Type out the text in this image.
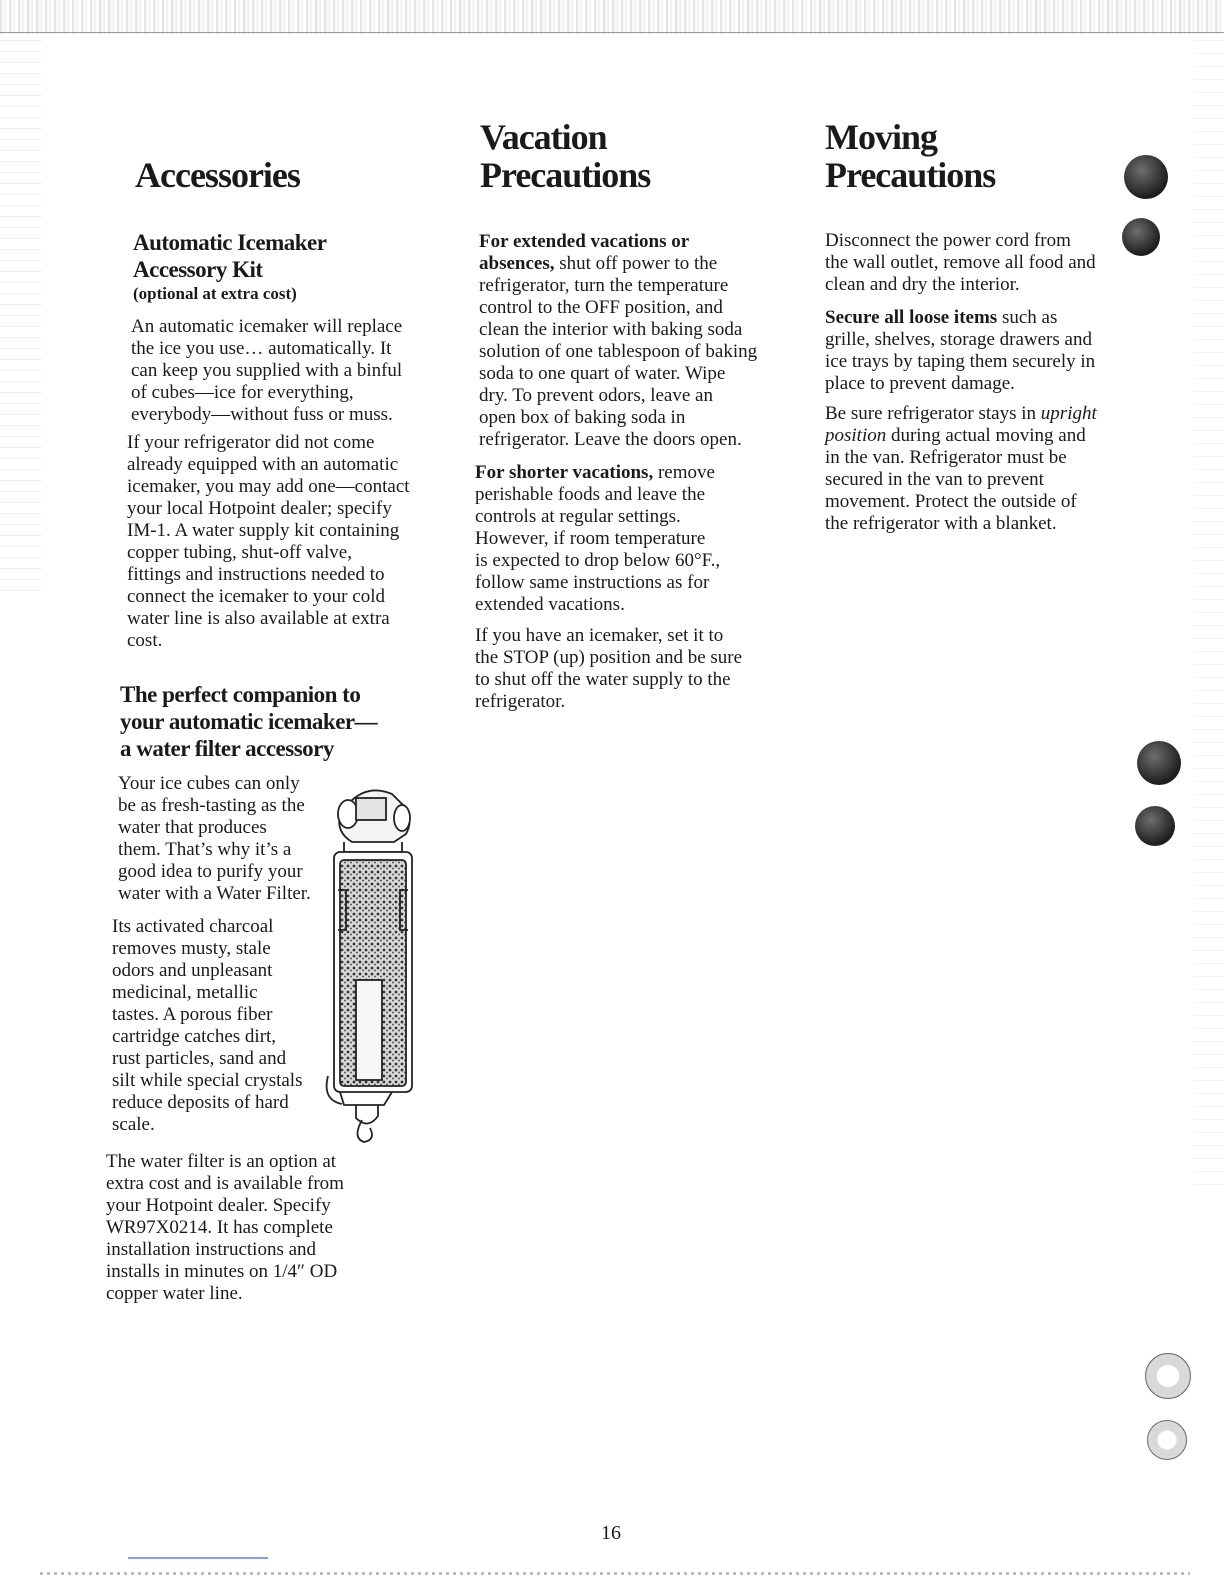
Accessories
Automatic Icemaker
Accessory Kit
(optional at extra cost)

An automatic icemaker will replace
the ice you use… automatically. It
can keep you supplied with a binful
of cubes—ice for everything,
everybody—without fuss or muss.

If your refrigerator did not come
already equipped with an automatic
icemaker, you may add one—contact
your local Hotpoint dealer; specify
IM-1. A water supply kit containing
copper tubing, shut-off valve,
fittings and instructions needed to
connect the icemaker to your cold
water line is also available at extra
cost.

The perfect companion to
your automatic icemaker—
a water filter accessory

Your ice cubes can only
be as fresh-tasting as the
water that produces
them. That’s why it’s a
good idea to purify your
water with a Water Filter.

Its activated charcoal
removes musty, stale
odors and unpleasant
medicinal, metallic
tastes. A porous fiber
cartridge catches dirt,
rust particles, sand and
silt while special crystals
reduce deposits of hard
scale.

The water filter is an option at
extra cost and is available from
your Hotpoint dealer. Specify
WR97X0214. It has complete
installation instructions and
installs in minutes on 1/4″ OD
copper water line.

Vacation
Precautions

For extended vacations or
absences, shut off power to the
refrigerator, turn the temperature
control to the OFF position, and
clean the interior with baking soda
solution of one tablespoon of baking
soda to one quart of water. Wipe
dry. To prevent odors, leave an
open box of baking soda in
refrigerator. Leave the doors open.

For shorter vacations, remove
perishable foods and leave the
controls at regular settings.
However, if room temperature
is expected to drop below 60°F.,
follow same instructions as for
extended vacations.

If you have an icemaker, set it to
the STOP (up) position and be sure
to shut off the water supply to the
refrigerator.

Moving
Precautions

Disconnect the power cord from
the wall outlet, remove all food and
clean and dry the interior.

Secure all loose items such as
grille, shelves, storage drawers and
ice trays by taping them securely in
place to prevent damage.

Be sure refrigerator stays in upright
position during actual moving and
in the van. Refrigerator must be
secured in the van to prevent
movement. Protect the outside of
the refrigerator with a blanket.

16
